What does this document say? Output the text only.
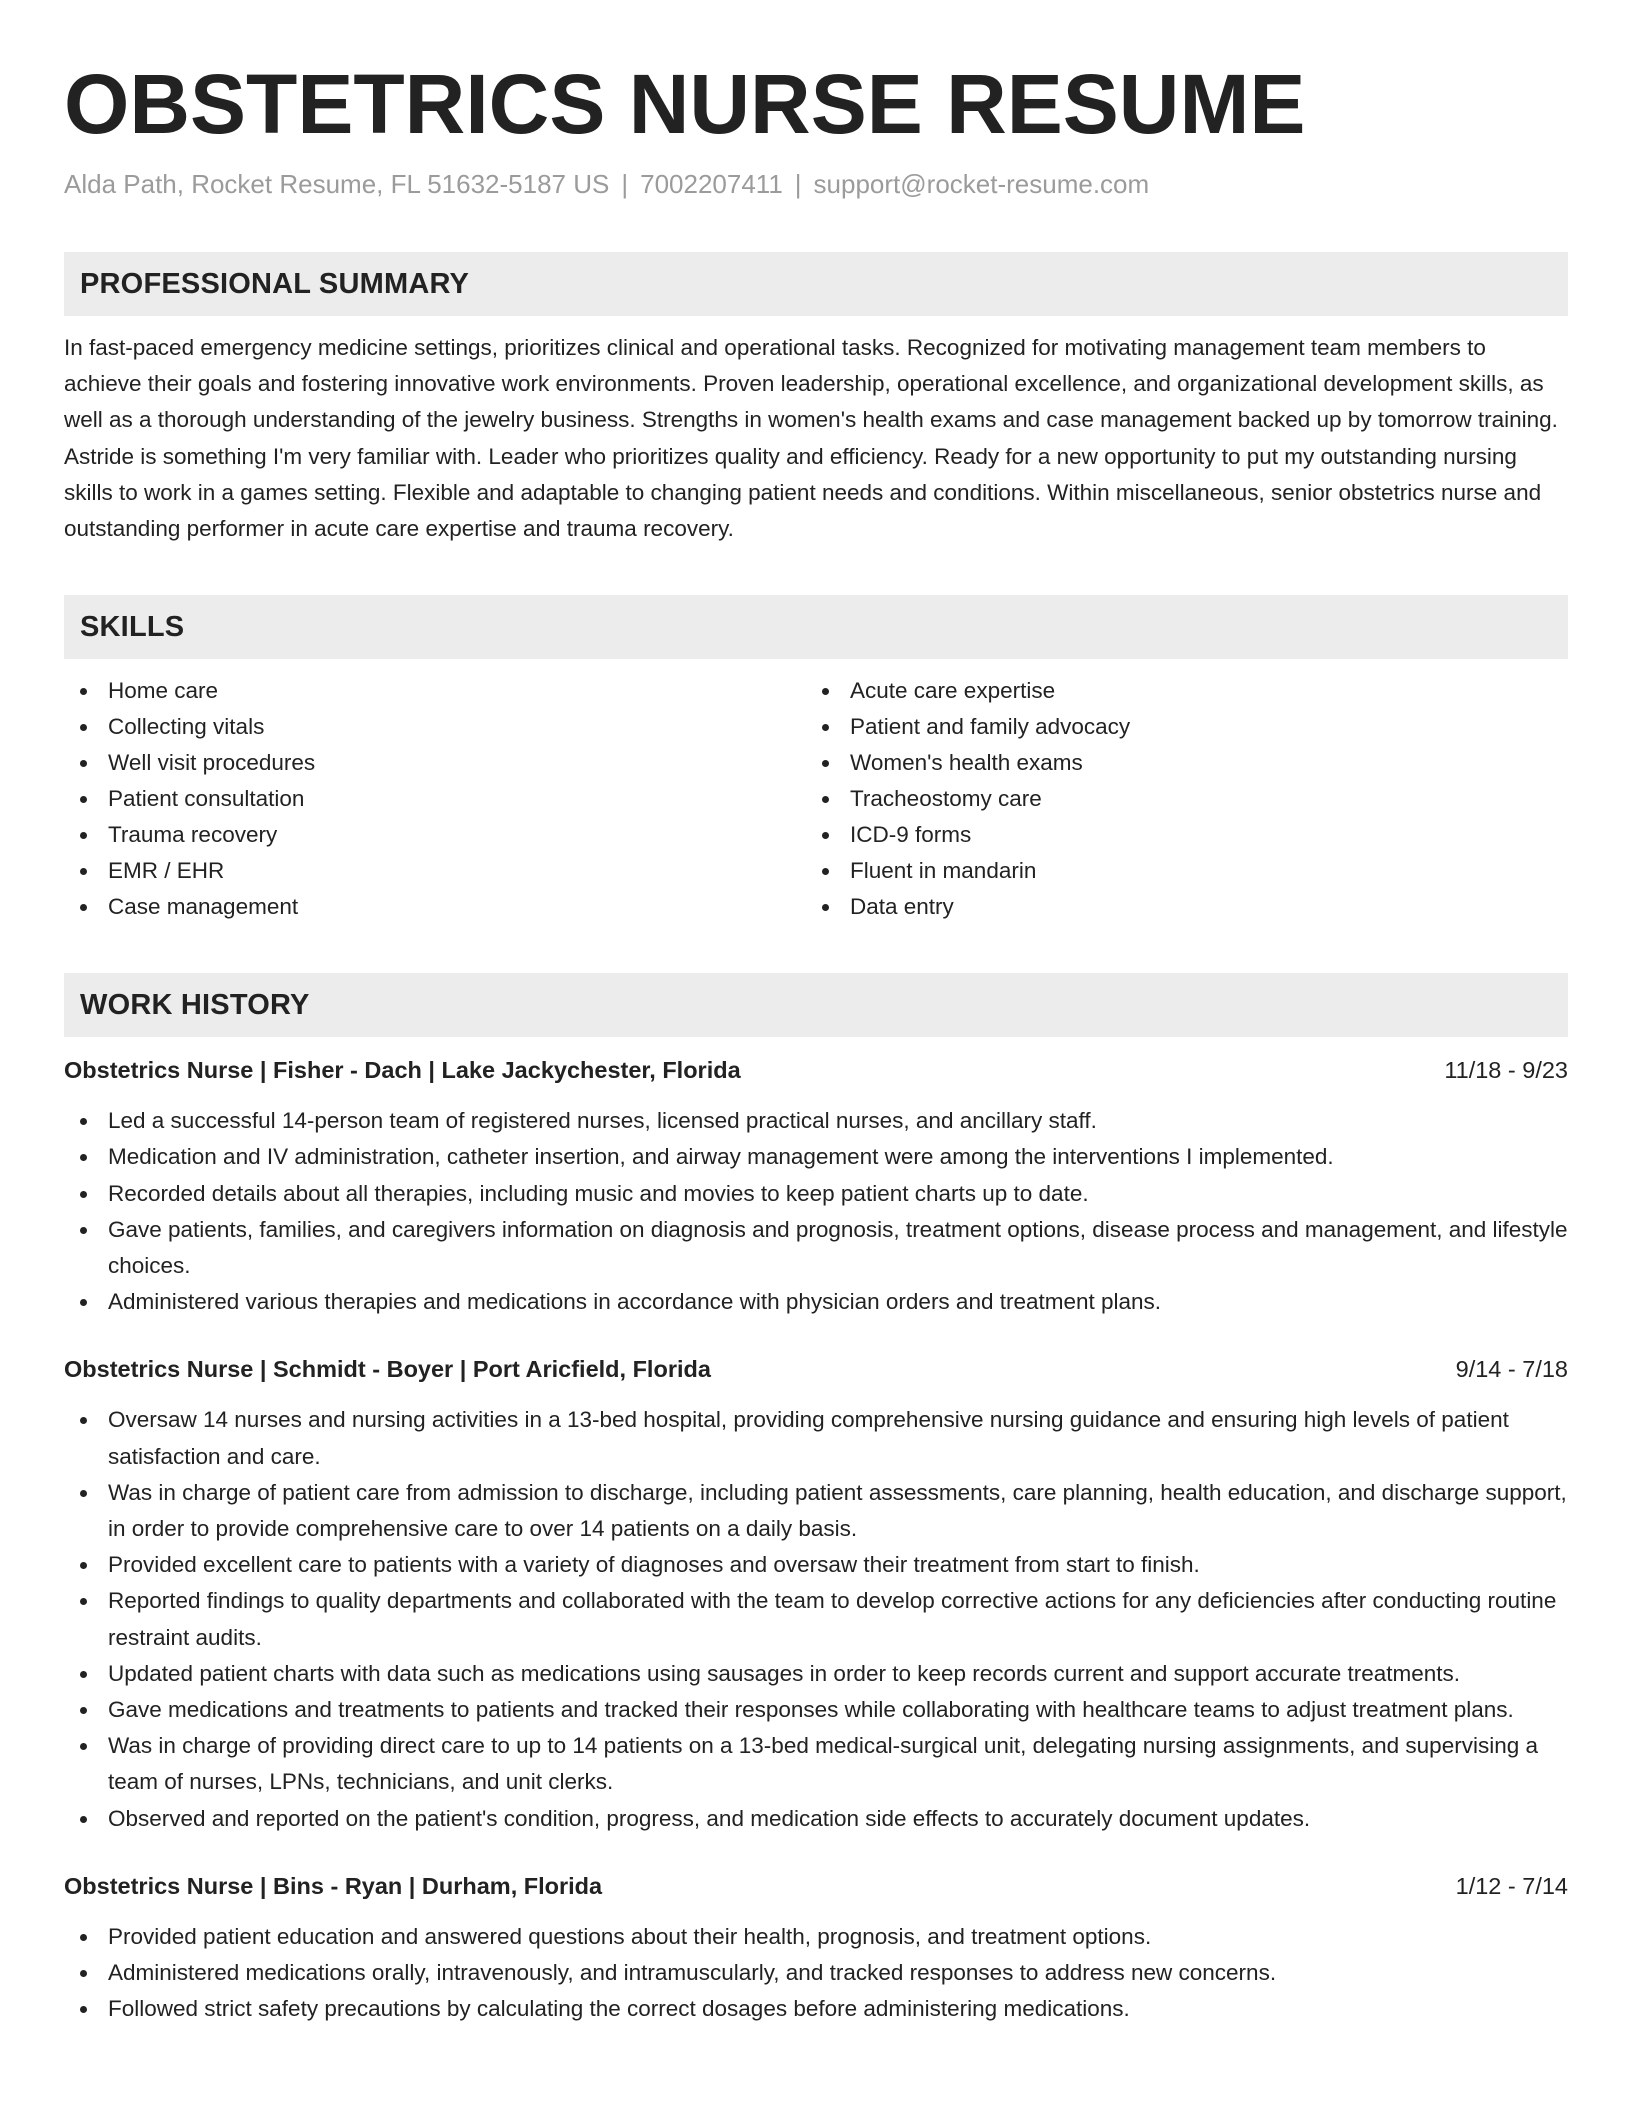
OBSTETRICS NURSE RESUME
Alda Path, Rocket Resume, FL 51632-5187 US | 7002207411 | support@rocket-resume.com
PROFESSIONAL SUMMARY
In fast-paced emergency medicine settings, prioritizes clinical and operational tasks. Recognized for motivating management team members to achieve their goals and fostering innovative work environments. Proven leadership, operational excellence, and organizational development skills, as well as a thorough understanding of the jewelry business. Strengths in women's health exams and case management backed up by tomorrow training. Astride is something I'm very familiar with. Leader who prioritizes quality and efficiency. Ready for a new opportunity to put my outstanding nursing skills to work in a games setting. Flexible and adaptable to changing patient needs and conditions. Within miscellaneous, senior obstetrics nurse and outstanding performer in acute care expertise and trauma recovery.
SKILLS
Home care
Collecting vitals
Well visit procedures
Patient consultation
Trauma recovery
EMR / EHR
Case management
Acute care expertise
Patient and family advocacy
Women's health exams
Tracheostomy care
ICD-9 forms
Fluent in mandarin
Data entry
WORK HISTORY
Obstetrics Nurse | Fisher - Dach | Lake Jackychester, Florida	11/18 - 9/23
Led a successful 14-person team of registered nurses, licensed practical nurses, and ancillary staff.
Medication and IV administration, catheter insertion, and airway management were among the interventions I implemented.
Recorded details about all therapies, including music and movies to keep patient charts up to date.
Gave patients, families, and caregivers information on diagnosis and prognosis, treatment options, disease process and management, and lifestyle choices.
Administered various therapies and medications in accordance with physician orders and treatment plans.
Obstetrics Nurse | Schmidt - Boyer | Port Aricfield, Florida	9/14 - 7/18
Oversaw 14 nurses and nursing activities in a 13-bed hospital, providing comprehensive nursing guidance and ensuring high levels of patient satisfaction and care.
Was in charge of patient care from admission to discharge, including patient assessments, care planning, health education, and discharge support, in order to provide comprehensive care to over 14 patients on a daily basis.
Provided excellent care to patients with a variety of diagnoses and oversaw their treatment from start to finish.
Reported findings to quality departments and collaborated with the team to develop corrective actions for any deficiencies after conducting routine restraint audits.
Updated patient charts with data such as medications using sausages in order to keep records current and support accurate treatments.
Gave medications and treatments to patients and tracked their responses while collaborating with healthcare teams to adjust treatment plans.
Was in charge of providing direct care to up to 14 patients on a 13-bed medical-surgical unit, delegating nursing assignments, and supervising a team of nurses, LPNs, technicians, and unit clerks.
Observed and reported on the patient's condition, progress, and medication side effects to accurately document updates.
Obstetrics Nurse | Bins - Ryan | Durham, Florida	1/12 - 7/14
Provided patient education and answered questions about their health, prognosis, and treatment options.
Administered medications orally, intravenously, and intramuscularly, and tracked responses to address new concerns.
Followed strict safety precautions by calculating the correct dosages before administering medications.
